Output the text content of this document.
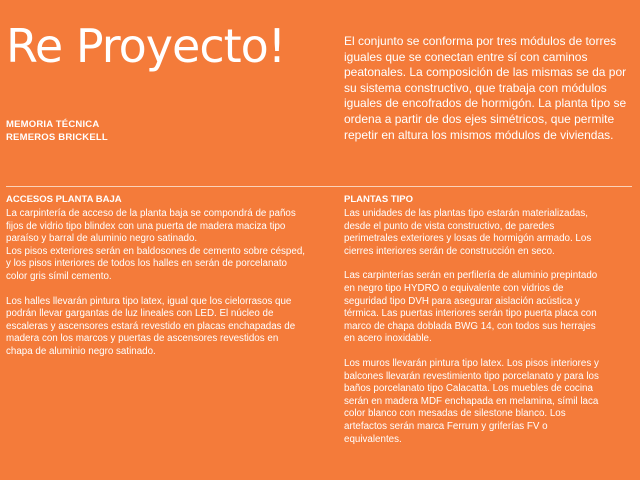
Re Proyecto!
MEMORIA TÉCNICA
REMEROS BRICKELL
El conjunto se conforma por tres módulos de torres iguales que se conectan entre sí con caminos peatonales. La composición de las mismas se da por su sistema constructivo, que trabaja con módulos iguales de encofrados de hormigón. La planta tipo se ordena a partir de dos ejes simétricos, que permite repetir en altura los mismos módulos de viviendas.
ACCESOS PLANTA BAJA

La carpintería de acceso de la planta baja se compondrá de paños fijos de vidrio tipo blindex con una puerta de madera maciza tipo paraíso y barral de aluminio negro satinado.

Los pisos exteriores serán en baldosones de cemento sobre césped, y los pisos interiores de todos los halles en serán de porcelanato color gris símil cemento.

Los halles llevarán pintura tipo latex, igual que los cielorrasos que podrán llevar gargantas de luz lineales con LED. El núcleo de escaleras y ascensores estará revestido en placas enchapadas de madera con los marcos y puertas de ascensores revestidos en chapa de aluminio negro satinado.

PLANTAS TIPO

Las unidades de las plantas tipo estarán materializadas, desde el punto de vista constructivo, de paredes perimetrales exteriores y losas de hormigón armado. Los cierres interiores serán de construcción en seco.

Las carpinterías serán en perfilería de aluminio prepintado en negro tipo HYDRO o equivalente con vidrios de seguridad tipo DVH para asegurar aislación acústica y térmica. Las puertas interiores serán tipo puerta placa con marco de chapa doblada BWG 14, con todos sus herrajes en acero inoxidable.

Los muros llevarán pintura tipo latex. Los pisos interiores y balcones llevarán revestimiento tipo porcelanato y para los baños porcelanato tipo Calacatta. Los muebles de cocina serán en madera MDF enchapada en melamina, símil laca color blanco con mesadas de silestone blanco. Los artefactos serán marca Ferrum y griferías FV o equivalentes.
